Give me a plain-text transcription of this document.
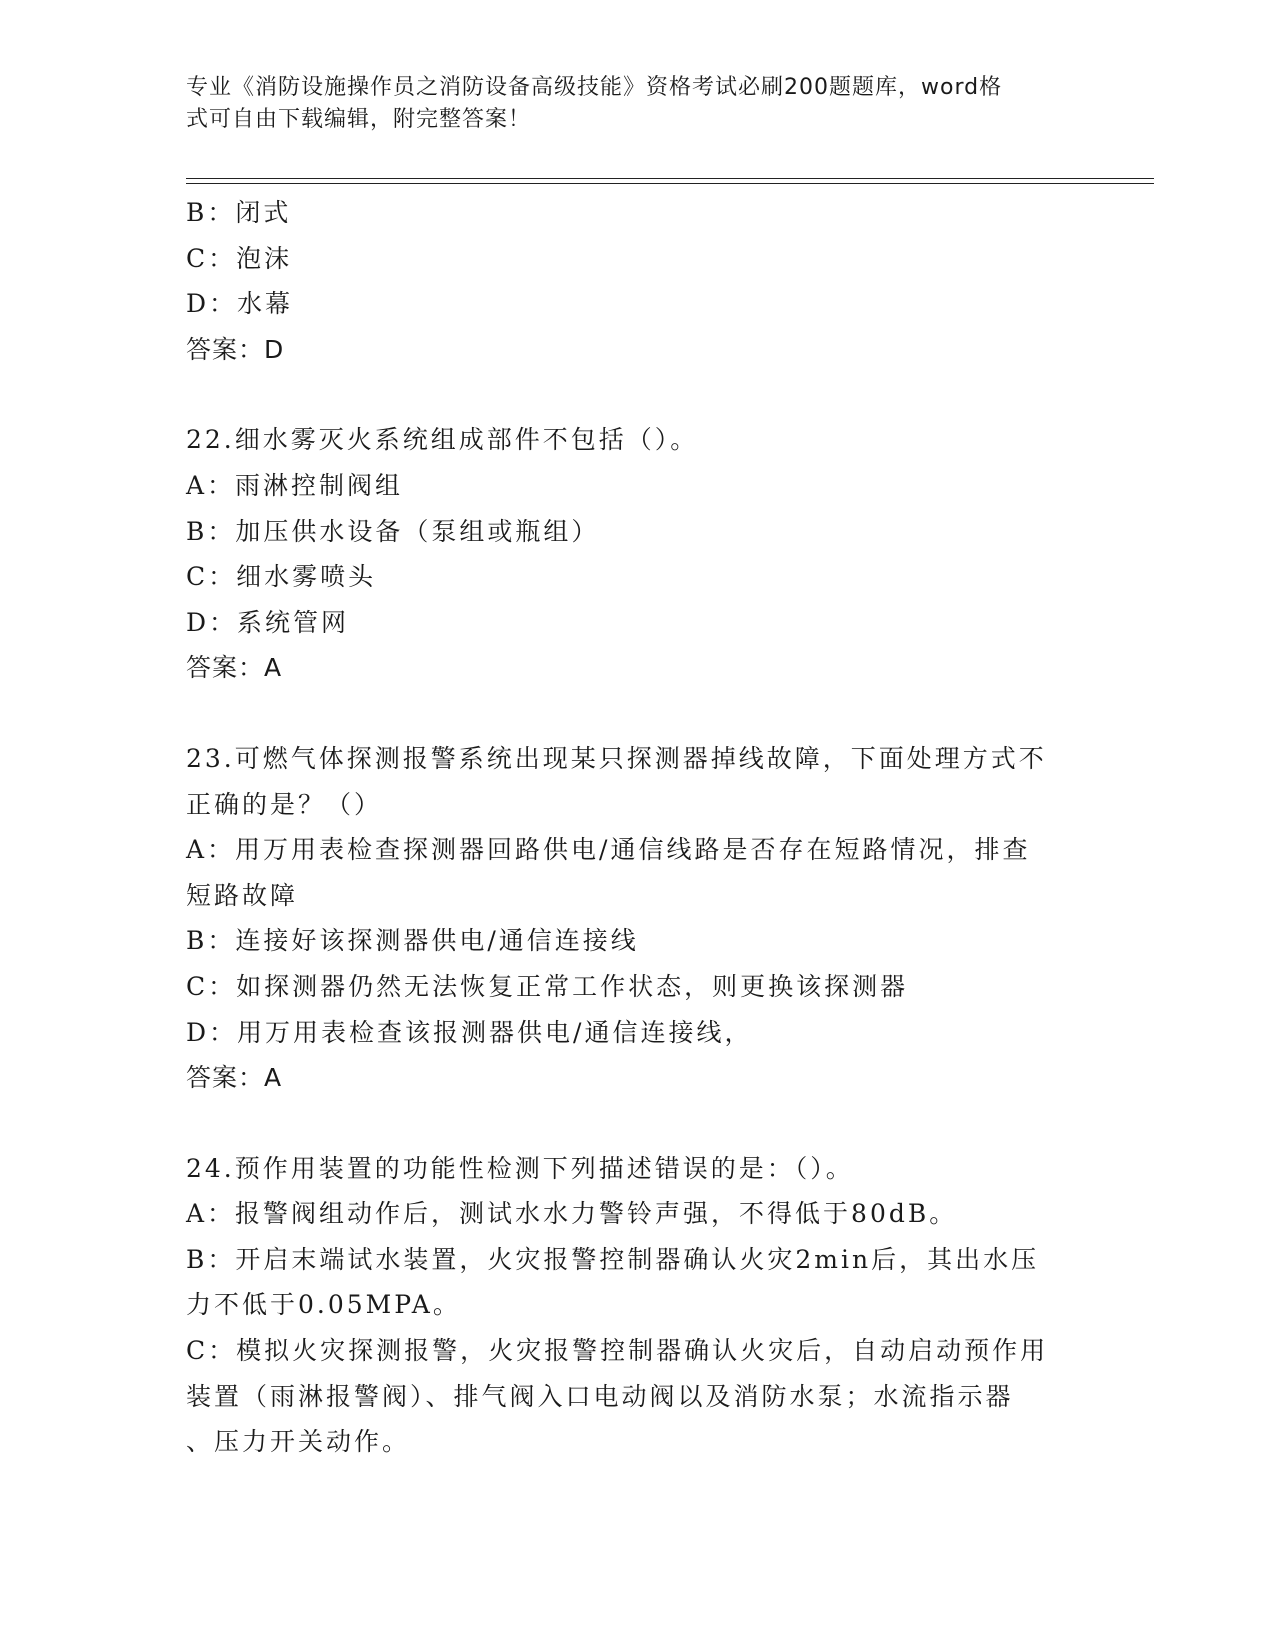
专业《消防设施操作员之消防设备高级技能》资格考试必刷200题题库，word格
式可自由下载编辑，附完整答案！
B：闭式
C：泡沫
D：水幕
答案：D
22.细水雾灭火系统组成部件不包括（）。
A：雨淋控制阀组
B：加压供水设备（泵组或瓶组）
C：细水雾喷头
D：系统管网
答案：A
23.可燃气体探测报警系统出现某只探测器掉线故障，下面处理方式不
正确的是？（）
A：用万用表检查探测器回路供电/通信线路是否存在短路情况，排查
短路故障
B：连接好该探测器供电/通信连接线
C：如探测器仍然无法恢复正常工作状态，则更换该探测器
D：用万用表检查该报测器供电/通信连接线，
答案：A
24.预作用装置的功能性检测下列描述错误的是：（）。
A：报警阀组动作后，测试水水力警铃声强，不得低于80dB。
B：开启末端试水装置，火灾报警控制器确认火灾2min后，其出水压
力不低于0.05MPA。
C：模拟火灾探测报警，火灾报警控制器确认火灾后，自动启动预作用
装置（雨淋报警阀）、排气阀入口电动阀以及消防水泵；水流指示器
、压力开关动作。
